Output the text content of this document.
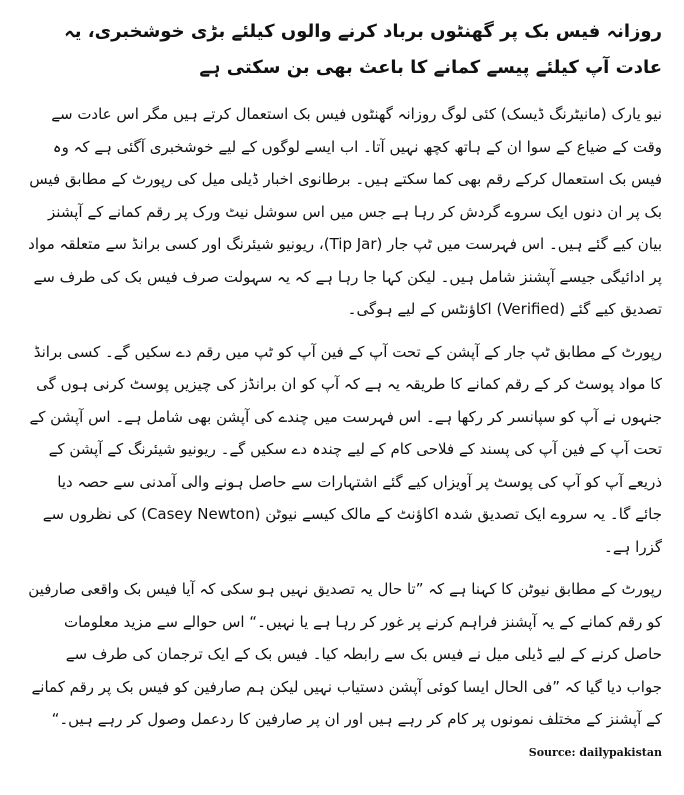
روزانہ فیس بک پر گھنٹوں برباد کرنے والوں کیلئے بڑی خوشخبری، یہ عادت آپ کیلئے پیسے کمانے کا باعث بھی بن سکتی ہے
نیو یارک (مانیٹرنگ ڈیسک) کئی لوگ روزانہ گھنٹوں فیس بک استعمال کرتے ہیں مگر اس عادت سے وقت کے ضیاع کے سوا ان کے ہاتھ کچھ نہیں آتا۔ اب ایسے لوگوں کے لیے خوشخبری آگئی ہے کہ وہ فیس بک استعمال کرکے رقم بھی کما سکتے ہیں۔ برطانوی اخبار ڈیلی میل کی رپورٹ کے مطابق فیس بک پر ان دنوں ایک سروے گردش کر رہا ہے جس میں اس سوشل نیٹ ورک پر رقم کمانے کے آپشنز بیان کیے گئے ہیں۔ اس فہرست میں ٹپ جار (Tip Jar)، ریونیو شیئرنگ اور کسی برانڈ سے متعلقہ مواد پر ادائیگی جیسے آپشنز شامل ہیں۔ لیکن کہا جا رہا ہے کہ یہ سہولت صرف فیس بک کی طرف سے تصدیق کیے گئے (Verified) اکاؤنٹس کے لیے ہوگی۔
رپورٹ کے مطابق ٹپ جار کے آپشن کے تحت آپ کے فین آپ کو ٹپ میں رقم دے سکیں گے۔ کسی برانڈ کا مواد پوسٹ کر کے رقم کمانے کا طریقہ یہ ہے کہ آپ کو ان برانڈز کی چیزیں پوسٹ کرنی ہوں گی جنہوں نے آپ کو سپانسر کر رکھا ہے۔ اس فہرست میں چندے کی آپشن بھی شامل ہے۔ اس آپشن کے تحت آپ کے فین آپ کی پسند کے فلاحی کام کے لیے چندہ دے سکیں گے۔ ریونیو شیئرنگ کے آپشن کے ذریعے آپ کو آپ کی پوسٹ پر آویزاں کیے گئے اشتہارات سے حاصل ہونے والی آمدنی سے حصہ دیا جائے گا۔ یہ سروے ایک تصدیق شدہ اکاؤنٹ کے مالک کیسے نیوٹن (Casey Newton) کی نظروں سے گزرا ہے۔
رپورٹ کے مطابق نیوٹن کا کہنا ہے کہ ”تا حال یہ تصدیق نہیں ہو سکی کہ آیا فیس بک واقعی صارفین کو رقم کمانے کے یہ آپشنز فراہم کرنے پر غور کر رہا ہے یا نہیں۔“ اس حوالے سے مزید معلومات حاصل کرنے کے لیے ڈیلی میل نے فیس بک سے رابطہ کیا۔ فیس بک کے ایک ترجمان کی طرف سے جواب دیا گیا کہ ”فی الحال ایسا کوئی آپشن دستیاب نہیں لیکن ہم صارفین کو فیس بک پر رقم کمانے کے آپشنز کے مختلف نمونوں پر کام کر رہے ہیں اور ان پر صارفین کا ردعمل وصول کر رہے ہیں۔“
Source: dailypakistan
